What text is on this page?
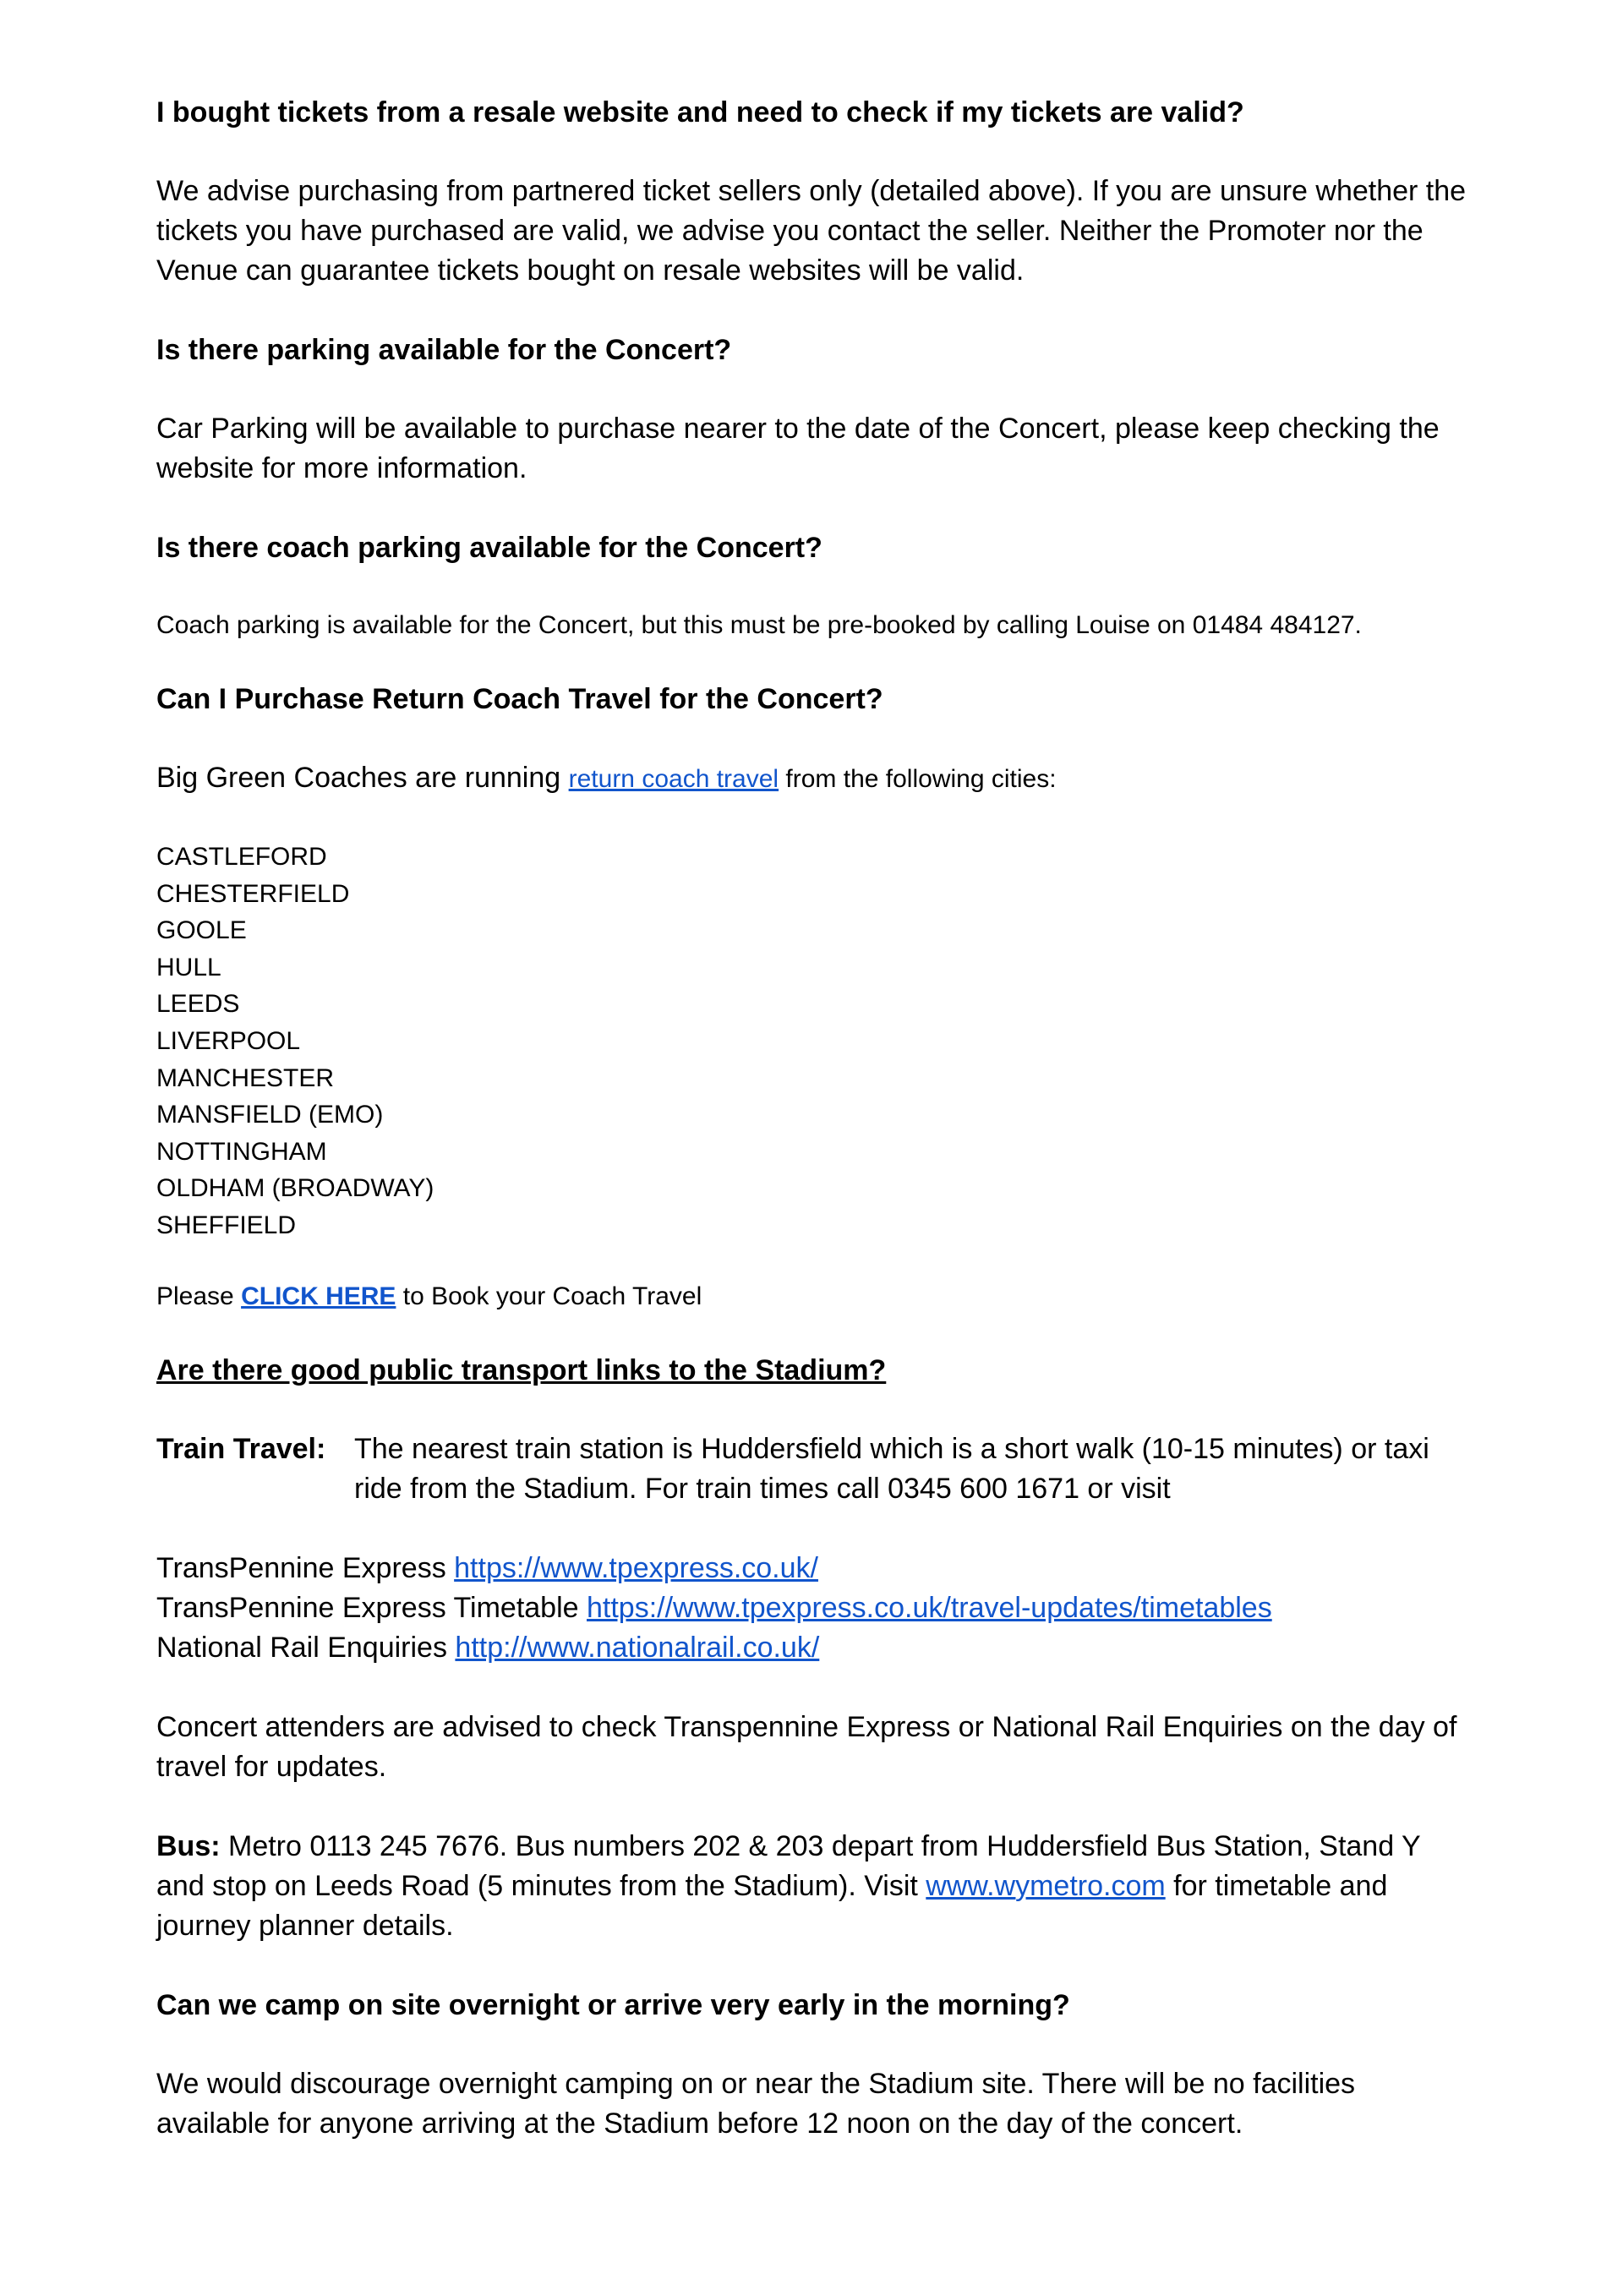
I bought tickets from a resale website and need to check if my tickets are valid?
We advise purchasing from partnered ticket sellers only (detailed above). If you are unsure whether the tickets you have purchased are valid, we advise you contact the seller. Neither the Promoter nor the Venue can guarantee tickets bought on resale websites will be valid.
Is there parking available for the Concert?
Car Parking will be available to purchase nearer to the date of the Concert, please keep checking the website for more information.
Is there coach parking available for the Concert?
Coach parking is available for the Concert, but this must be pre-booked by calling Louise on 01484 484127.
Can I Purchase Return Coach Travel for the Concert?
Big Green Coaches are running return coach travel from the following cities:
CASTLEFORD
CHESTERFIELD
GOOLE
HULL
LEEDS
LIVERPOOL
MANCHESTER
MANSFIELD (EMO)
NOTTINGHAM
OLDHAM (BROADWAY)
SHEFFIELD
Please CLICK HERE to Book your Coach Travel
Are there good public transport links to the Stadium?
Train Travel: The nearest train station is Huddersfield which is a short walk (10-15 minutes) or taxi ride from the Stadium. For train times call 0345 600 1671 or visit
TransPennine Express https://www.tpexpress.co.uk/
TransPennine Express Timetable https://www.tpexpress.co.uk/travel-updates/timetables
National Rail Enquiries http://www.nationalrail.co.uk/
Concert attenders are advised to check Transpennine Express or National Rail Enquiries on the day of travel for updates.
Bus: Metro 0113 245 7676. Bus numbers 202 & 203 depart from Huddersfield Bus Station, Stand Y and stop on Leeds Road (5 minutes from the Stadium). Visit www.wymetro.com for timetable and journey planner details.
Can we camp on site overnight or arrive very early in the morning?
We would discourage overnight camping on or near the Stadium site. There will be no facilities available for anyone arriving at the Stadium before 12 noon on the day of the concert.
